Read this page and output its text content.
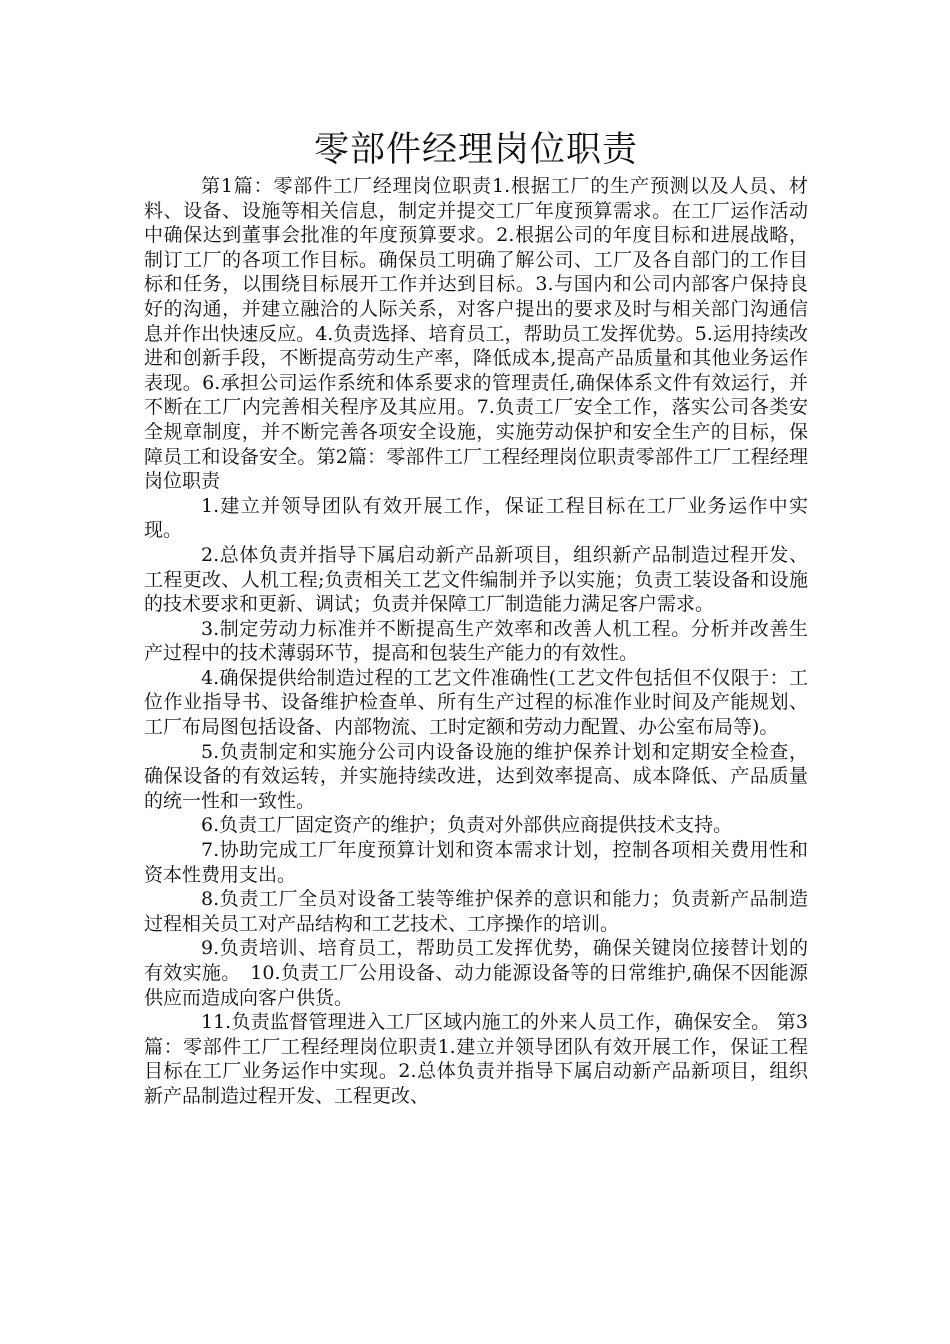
零部件经理岗位职责

第1篇：零部件工厂经理岗位职责1.根据工厂的生产预测以及人员、材料、设备、设施等相关信息，制定并提交工厂年度预算需求。在工厂运作活动中确保达到董事会批准的年度预算要求。2.根据公司的年度目标和进展战略，制订工厂的各项工作目标。确保员工明确了解公司、工厂及各自部门的工作目标和任务，以围绕目标展开工作并达到目标。3.与国内和公司内部客户保持良好的沟通，并建立融洽的人际关系，对客户提出的要求及时与相关部门沟通信息并作出快速反应。4.负责选择、培育员工，帮助员工发挥优势。5.运用持续改进和创新手段，不断提高劳动生产率，降低成本,提高产品质量和其他业务运作表现。6.承担公司运作系统和体系要求的管理责任,确保体系文件有效运行，并不断在工厂内完善相关程序及其应用。7.负责工厂安全工作，落实公司各类安全规章制度，并不断完善各项安全设施，实施劳动保护和安全生产的目标，保障员工和设备安全。第2篇：零部件工厂工程经理岗位职责零部件工厂工程经理岗位职责

1.建立并领导团队有效开展工作，保证工程目标在工厂业务运作中实现。

2.总体负责并指导下属启动新产品新项目，组织新产品制造过程开发、工程更改、人机工程;负责相关工艺文件编制并予以实施；负责工装设备和设施的技术要求和更新、调试；负责并保障工厂制造能力满足客户需求。

3.制定劳动力标准并不断提高生产效率和改善人机工程。分析并改善生产过程中的技术薄弱环节，提高和包装生产能力的有效性。

4.确保提供给制造过程的工艺文件准确性(工艺文件包括但不仅限于：工位作业指导书、设备维护检查单、所有生产过程的标准作业时间及产能规划、工厂布局图包括设备、内部物流、工时定额和劳动力配置、办公室布局等)。

5.负责制定和实施分公司内设备设施的维护保养计划和定期安全检查，确保设备的有效运转，并实施持续改进，达到效率提高、成本降低、产品质量的统一性和一致性。

6.负责工厂固定资产的维护；负责对外部供应商提供技术支持。

7.协助完成工厂年度预算计划和资本需求计划，控制各项相关费用性和资本性费用支出。

8.负责工厂全员对设备工装等维护保养的意识和能力；负责新产品制造过程相关员工对产品结构和工艺技术、工序操作的培训。

9.负责培训、培育员工，帮助员工发挥优势，确保关键岗位接替计划的有效实施。　10.负责工厂公用设备、动力能源设备等的日常维护,确保不因能源供应而造成向客户供货。

11.负责监督管理进入工厂区域内施工的外来人员工作，确保安全。 第3篇：零部件工厂工程经理岗位职责1.建立并领导团队有效开展工作，保证工程目标在工厂业务运作中实现。2.总体负责并指导下属启动新产品新项目，组织新产品制造过程开发、工程更改、
